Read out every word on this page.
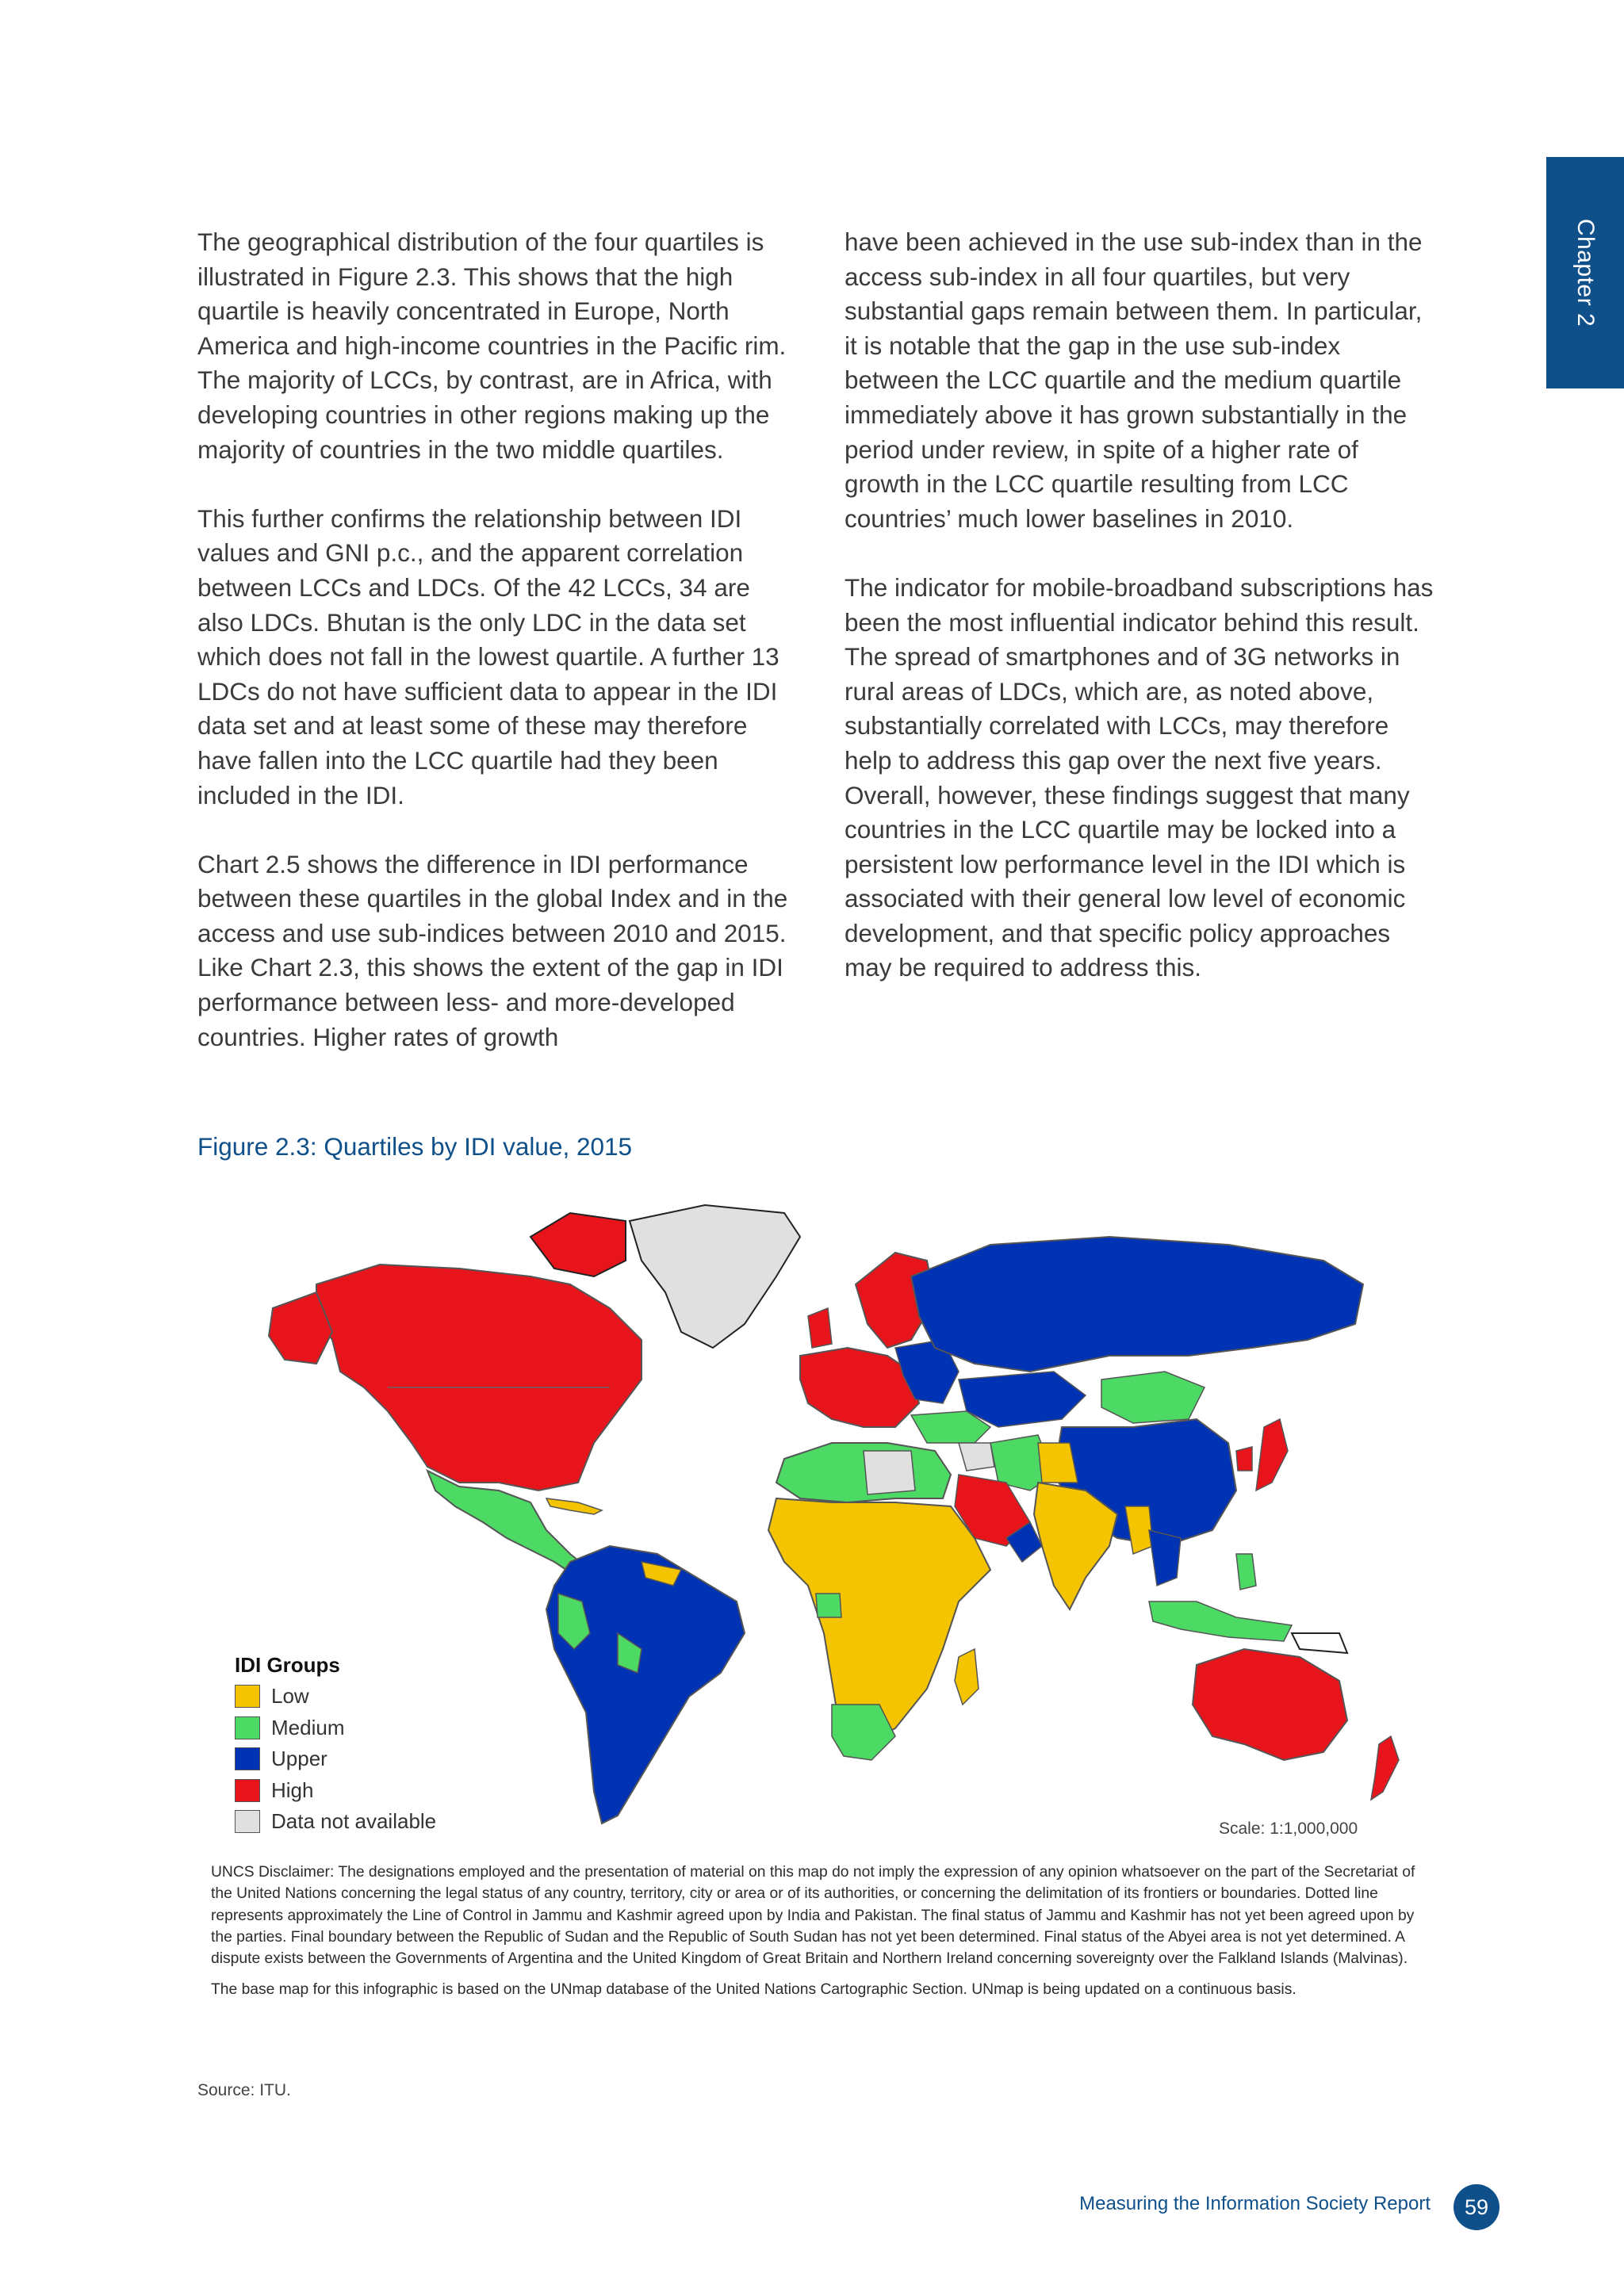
Chapter 2

The geographical distribution of the four quartiles is illustrated in Figure 2.3. This shows that the high quartile is heavily concentrated in Europe, North America and high-income countries in the Pacific rim. The majority of LCCs, by contrast, are in Africa, with developing countries in other regions making up the majority of countries in the two middle quartiles.

This further confirms the relationship between IDI values and GNI p.c., and the apparent correlation between LCCs and LDCs. Of the 42 LCCs, 34 are also LDCs. Bhutan is the only LDC in the data set which does not fall in the lowest quartile. A further 13 LDCs do not have sufficient data to appear in the IDI data set and at least some of these may therefore have fallen into the LCC quartile had they been included in the IDI.

Chart 2.5 shows the difference in IDI performance between these quartiles in the global Index and in the access and use sub-indices between 2010 and 2015. Like Chart 2.3, this shows the extent of the gap in IDI performance between less- and more-developed countries. Higher rates of growth

have been achieved in the use sub-index than in the access sub-index in all four quartiles, but very substantial gaps remain between them. In particular, it is notable that the gap in the use sub-index between the LCC quartile and the medium quartile immediately above it has grown substantially in the period under review, in spite of a higher rate of growth in the LCC quartile resulting from LCC countries’ much lower baselines in 2010.

The indicator for mobile-broadband subscriptions has been the most influential indicator behind this result. The spread of smartphones and of 3G networks in rural areas of LDCs, which are, as noted above, substantially correlated with LCCs, may therefore help to address this gap over the next five years. Overall, however, these findings suggest that many countries in the LCC quartile may be locked into a persistent low performance level in the IDI which is associated with their general low level of economic development, and that specific policy approaches may be required to address this.

Figure 2.3: Quartiles by IDI value, 2015
IDI Groups
Low
Medium
Upper
High
Data not available	Scale: 1:1,000,000

UNCS Disclaimer: The designations employed and the presentation of material on this map do not imply the expression of any opinion whatsoever on the part of the Secretariat of the United Nations concerning the legal status of any country, territory, city or area or of its authorities, or concerning the delimitation of its frontiers or boundaries. Dotted line represents approximately the Line of Control in Jammu and Kashmir agreed upon by India and Pakistan. The final status of Jammu and Kashmir has not yet been agreed upon by the parties. Final boundary between the Republic of Sudan and the Republic of South Sudan has not yet been determined. Final status of the Abyei area is not yet determined. A dispute exists between the Governments of Argentina and the United Kingdom of Great Britain and Northern Ireland concerning sovereignty over the Falkland Islands (Malvinas).

The base map for this infographic is based on the UNmap database of the United Nations Cartographic Section. UNmap is being updated on a continuous basis.

Source: ITU.
Measuring the Information Society Report	59
